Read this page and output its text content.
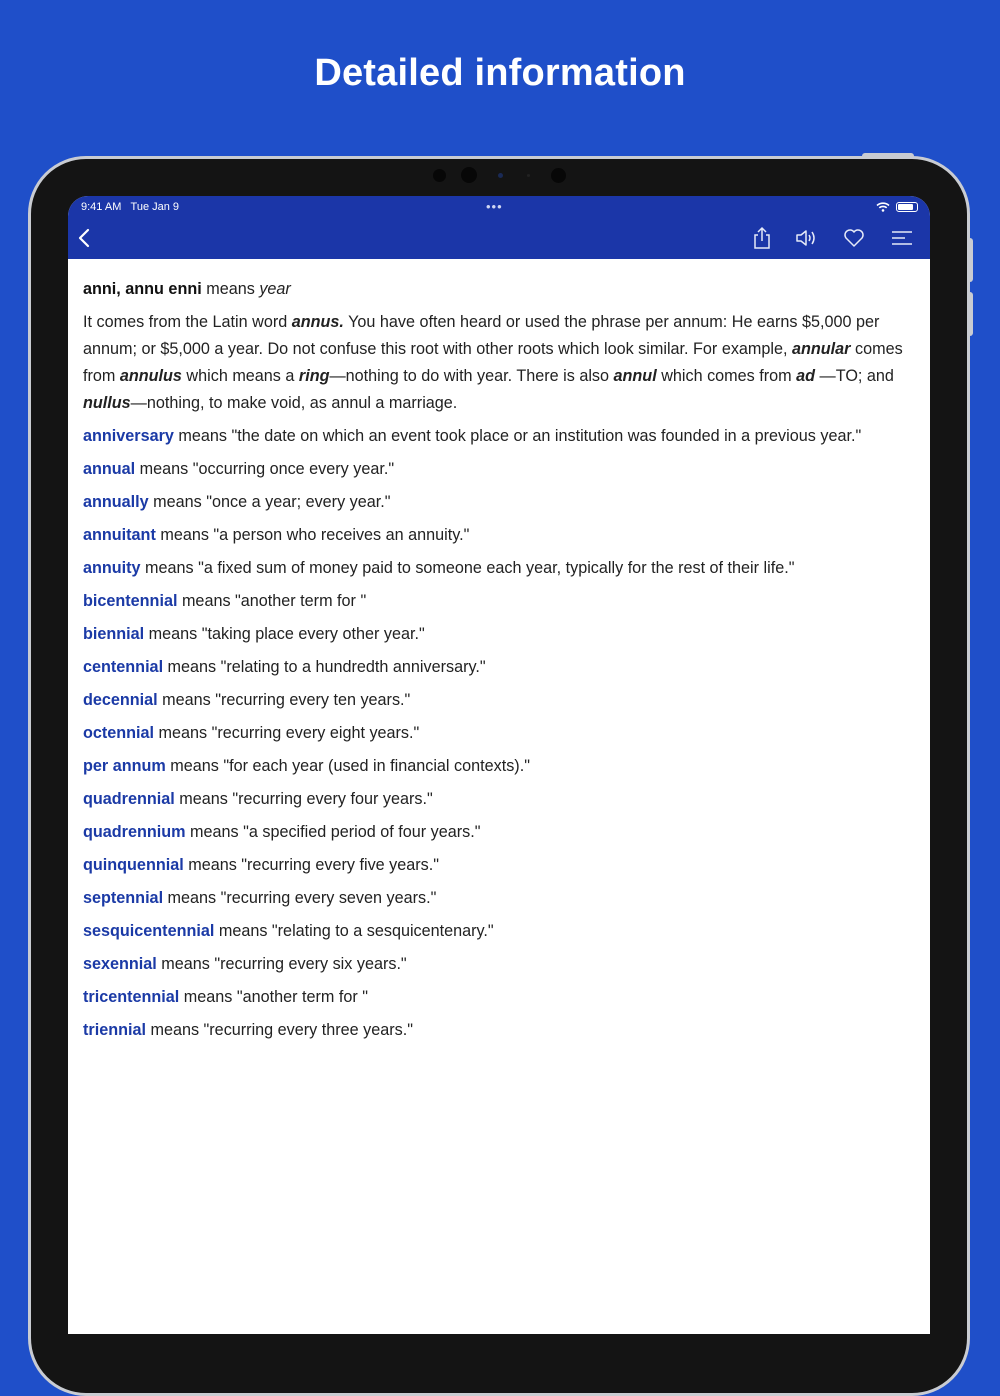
Detailed information
9:41 AM Tue Jan 9	•••

anni, annu enni means year

It comes from the Latin word annus. You have often heard or used the phrase per annum: He earns $5,000 per annum; or $5,000 a year. Do not confuse this root with other roots which look similar. For example, annular comes from annulus which means a ring—nothing to do with year. There is also annul which comes from ad —TO; and nullus—nothing, to make void, as annul a marriage.

anniversary means "the date on which an event took place or an institution was founded in a previous year."

annual means "occurring once every year."

annually means "once a year; every year."

annuitant means "a person who receives an annuity."

annuity means "a fixed sum of money paid to someone each year, typically for the rest of their life."

bicentennial means "another term for "

biennial means "taking place every other year."

centennial means "relating to a hundredth anniversary."

decennial means "recurring every ten years."

octennial means "recurring every eight years."

per annum means "for each year (used in financial contexts)."

quadrennial means "recurring every four years."

quadrennium means "a specified period of four years."

quinquennial means "recurring every five years."

septennial means "recurring every seven years."

sesquicentennial means "relating to a sesquicentenary."

sexennial means "recurring every six years."

tricentennial means "another term for "

triennial means "recurring every three years."
